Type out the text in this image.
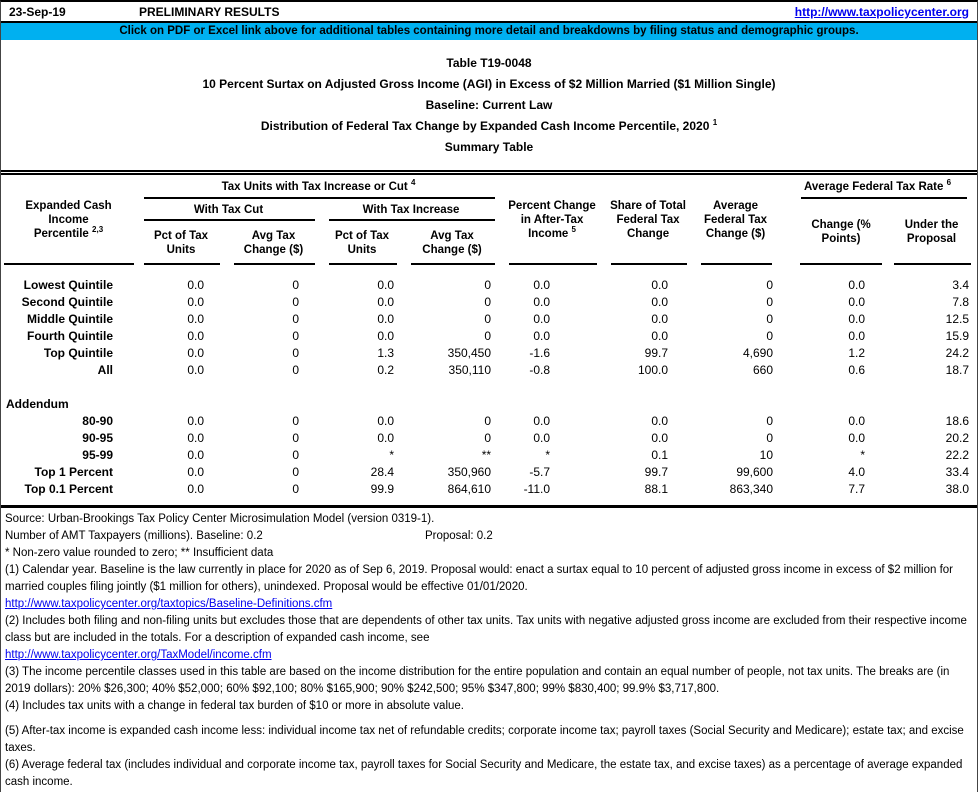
23-Sep-19	PRELIMINARY RESULTS	http://www.taxpolicycenter.org
Click on PDF or Excel link above for additional tables containing more detail and breakdowns by filing status and demographic groups.
Table T19-0048
10 Percent Surtax on Adjusted Gross Income (AGI) in Excess of $2 Million Married ($1 Million Single)
Baseline: Current Law
Distribution of Federal Tax Change by Expanded Cash Income Percentile, 2020 $^1$
Summary Table
Expanded Cash Income
Percentile $^{2,3}$	Tax Units with Tax Increase or Cut $^4$				Percent Change in After-Tax Income $^5$	Share of Total Federal Tax Change	Average Federal Tax Change ($)	Average Federal Tax Rate $^6$
	With Tax Cut		With Tax Increase					Change (% Points)	Under the Proposal
	Pct of Tax Units	Avg Tax Change ($)	Pct of Tax Units	Avg Tax Change ($)					

Lowest Quintile	0.0	0	0.0	0	0.0	0.0	0	0.0	3.4
Second Quintile	0.0	0	0.0	0	0.0	0.0	0	0.0	7.8
Middle Quintile	0.0	0	0.0	0	0.0	0.0	0	0.0	12.5
Fourth Quintile	0.0	0	0.0	0	0.0	0.0	0	0.0	15.9
Top Quintile	0.0	0	1.3	350,450	-1.6	99.7	4,690	1.2	24.2
All	0.0	0	0.2	350,110	-0.8	100.0	660	0.6	18.7

Addendum									
80-90	0.0	0	0.0	0	0.0	0.0	0	0.0	18.6
90-95	0.0	0	0.0	0	0.0	0.0	0	0.0	20.2
95-99	0.0	0	*	**	*	0.1	10	*	22.2
Top 1 Percent	0.0	0	28.4	350,960	-5.7	99.7	99,600	4.0	33.4
Top 0.1 Percent	0.0	0	99.9	864,610	-11.0	88.1	863,340	7.7	38.0

Source: Urban-Brookings Tax Policy Center Microsimulation Model (version 0319-1).

Number of AMT Taxpayers (millions). Baseline: 0.2	Proposal: 0.2

* Non-zero value rounded to zero; ** Insufficient data

(1) Calendar year. Baseline is the law currently in place for 2020 as of Sep 6, 2019. Proposal would: enact a surtax equal to 10 percent of adjusted gross income in excess of $2 million for married couples filing jointly ($1 million for others), unindexed. Proposal would be effective 01/01/2020.

http://www.taxpolicycenter.org/taxtopics/Baseline-Definitions.cfm

(2) Includes both filing and non-filing units but excludes those that are dependents of other tax units. Tax units with negative adjusted gross income are excluded from their respective income class but are included in the totals. For a description of expanded cash income, see

http://www.taxpolicycenter.org/TaxModel/income.cfm

(3) The income percentile classes used in this table are based on the income distribution for the entire population and contain an equal number of people, not tax units. The breaks are (in 2019 dollars): 20% $26,300; 40% $52,000; 60% $92,100; 80% $165,900; 90% $242,500; 95% $347,800; 99% $830,400; 99.9% $3,717,800.

(4) Includes tax units with a change in federal tax burden of $10 or more in absolute value.

(5) After-tax income is expanded cash income less: individual income tax net of refundable credits; corporate income tax; payroll taxes (Social Security and Medicare); estate tax; and excise taxes.

(6) Average federal tax (includes individual and corporate income tax, payroll taxes for Social Security and Medicare, the estate tax, and excise taxes) as a percentage of average expanded cash income.
